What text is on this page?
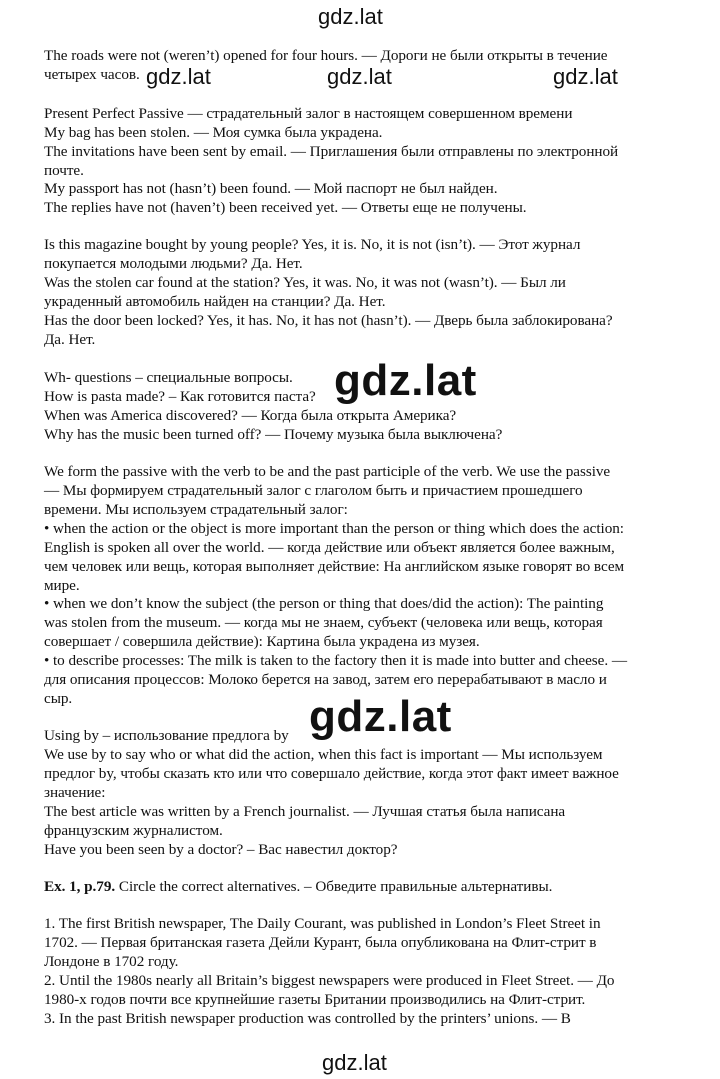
gdz.lat
gdz.lat	gdz.lat	gdz.lat
The roads were not (weren’t) opened for four hours. — Дороги не были открыты в течение
четырех часов.
Present Perfect Passive — страдательный залог в настоящем совершенном времени
My bag has been stolen. — Моя сумка была украдена.
The invitations have been sent by email. — Приглашения были отправлены по электронной
почте.
My passport has not (hasn’t) been found. — Мой паспорт не был найден.
The replies have not (haven’t) been received yet. — Ответы еще не получены.
Is this magazine bought by young people? Yes, it is. No, it is not (isn’t). — Этот журнал
покупается молодыми людьми? Да. Нет.
Was the stolen car found at the station? Yes, it was. No, it was not (wasn’t). — Был ли
украденный автомобиль найден на станции? Да. Нет.
Has the door been locked? Yes, it has. No, it has not (hasn’t). — Дверь была заблокирована?
Да. Нет.
Wh- questions – специальные вопросы.
How is pasta made? – Как готовится паста?
When was America discovered? — Когда была открыта Америка?
Why has the music been turned off? — Почему музыка была выключена?
gdz.lat
We form the passive with the verb to be and the past participle of the verb. We use the passive
— Мы формируем страдательный залог с глаголом быть и причастием прошедшего
времени. Мы используем страдательный залог:
• when the action or the object is more important than the person or thing which does the action:
English is spoken all over the world. — когда действие или объект является более важным,
чем человек или вещь, которая выполняет действие: На английском языке говорят во всем
мире.
• when we don’t know the subject (the person or thing that does/did the action): The painting
was stolen from the museum. — когда мы не знаем, субъект (человека или вещь, которая
совершает / совершила действие): Картина была украдена из музея.
• to describe processes: The milk is taken to the factory then it is made into butter and cheese. —
для описания процессов: Молоко берется на завод, затем его перерабатывают в масло и
сыр.
Using by – использование предлога by
We use by to say who or what did the action, when this fact is important — Мы используем
предлог by, чтобы сказать кто или что совершало действие, когда этот факт имеет важное
значение:
The best article was written by a French journalist. — Лучшая статья была написана
французским журналистом.
Have you been seen by a doctor? – Вас навестил доктор?
gdz.lat
Ex. 1, p.79. Circle the correct alternatives. – Обведите правильные альтернативы.
1. The first British newspaper, The Daily Courant, was published in London’s Fleet Street in
1702. — Первая британская газета Дейли Курант, была опубликована на Флит-стрит в
Лондоне в 1702 году.
2. Until the 1980s nearly all Britain’s biggest newspapers were produced in Fleet Street. — До
1980-х годов почти все крупнейшие газеты Британии производились на Флит-стрит.
3. In the past British newspaper production was controlled by the printers’ unions. — В
gdz.lat
